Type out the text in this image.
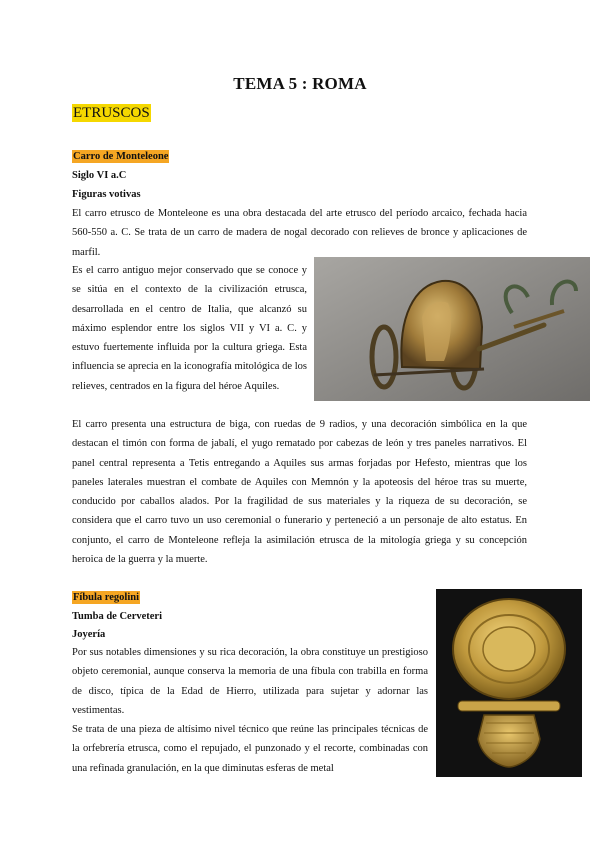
TEMA 5 : ROMA
ETRUSCOS
Carro de Monteleone
Siglo VI a.C
Figuras votivas

El carro etrusco de Monteleone es una obra destacada del arte etrusco del período arcaico, fechada hacia 560-550 a. C. Se trata de un carro de madera de nogal decorado con relieves de bronce y aplicaciones de marfil.

Es el carro antiguo mejor conservado que se conoce y se sitúa en el contexto de la civilización etrusca, desarrollada en el centro de Italia, que alcanzó su máximo esplendor entre los siglos VII y VI a. C. y estuvo fuertemente influida por la cultura griega. Esta influencia se aprecia en la iconografía mitológica de los relieves, centrados en la figura del héroe Aquiles.

El carro presenta una estructura de biga, con ruedas de 9 radios, y una decoración simbólica en la que destacan el timón con forma de jabalí, el yugo rematado por cabezas de león y tres paneles narrativos. El panel central representa a Tetis entregando a Aquiles sus armas forjadas por Hefesto, mientras que los paneles laterales muestran el combate de Aquiles con Memnón y la apoteosis del héroe tras su muerte, conducido por caballos alados. Por la fragilidad de sus materiales y la riqueza de su decoración, se considera que el carro tuvo un uso ceremonial o funerario y perteneció a un personaje de alto estatus. En conjunto, el carro de Monteleone refleja la asimilación etrusca de la mitología griega y su concepción heroica de la guerra y la muerte.

Fíbula regolini
Tumba de Cerveteri
Joyería

Por sus notables dimensiones y su rica decoración, la obra constituye un prestigioso objeto ceremonial, aunque conserva la memoria de una fíbula con trabilla en forma de disco, típica de la Edad de Hierro, utilizada para sujetar y adornar las vestimentas.

Se trata de una pieza de altísimo nivel técnico que reúne las principales técnicas de la orfebrería etrusca, como el repujado, el punzonado y el recorte, combinadas con una refinada granulación, en la que diminutas esferas de metal
